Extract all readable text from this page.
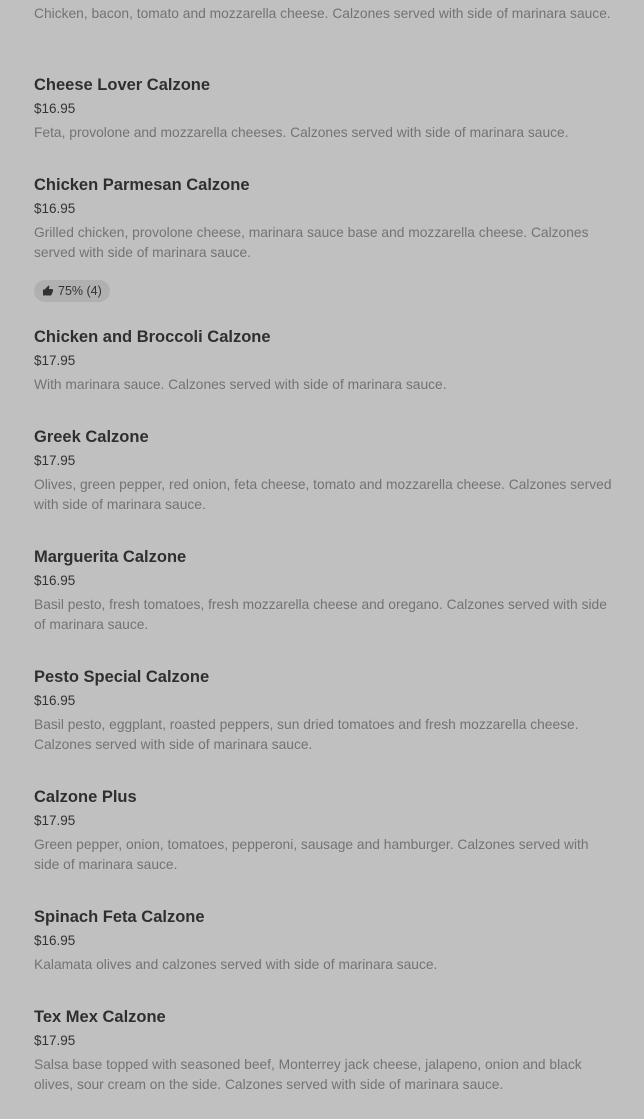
Chicken, bacon, tomato and mozzarella cheese. Calzones served with side of marinara sauce.
Cheese Lover Calzone
$16.95
Feta, provolone and mozzarella cheeses. Calzones served with side of marinara sauce.
Chicken Parmesan Calzone
$16.95
Grilled chicken, provolone cheese, marinara sauce base and mozzarella cheese. Calzones served with side of marinara sauce.
75% (4)
Chicken and Broccoli Calzone
$17.95
With marinara sauce. Calzones served with side of marinara sauce.
Greek Calzone
$17.95
Olives, green pepper, red onion, feta cheese, tomato and mozzarella cheese. Calzones served with side of marinara sauce.
Marguerita Calzone
$16.95
Basil pesto, fresh tomatoes, fresh mozzarella cheese and oregano. Calzones served with side of marinara sauce.
Pesto Special Calzone
$16.95
Basil pesto, eggplant, roasted peppers, sun dried tomatoes and fresh mozzarella cheese. Calzones served with side of marinara sauce.
Calzone Plus
$17.95
Green pepper, onion, tomatoes, pepperoni, sausage and hamburger. Calzones served with side of marinara sauce.
Spinach Feta Calzone
$16.95
Kalamata olives and calzones served with side of marinara sauce.
Tex Mex Calzone
$17.95
Salsa base topped with seasoned beef, Monterrey jack cheese, jalapeno, onion and black olives, sour cream on the side. Calzones served with side of marinara sauce.
